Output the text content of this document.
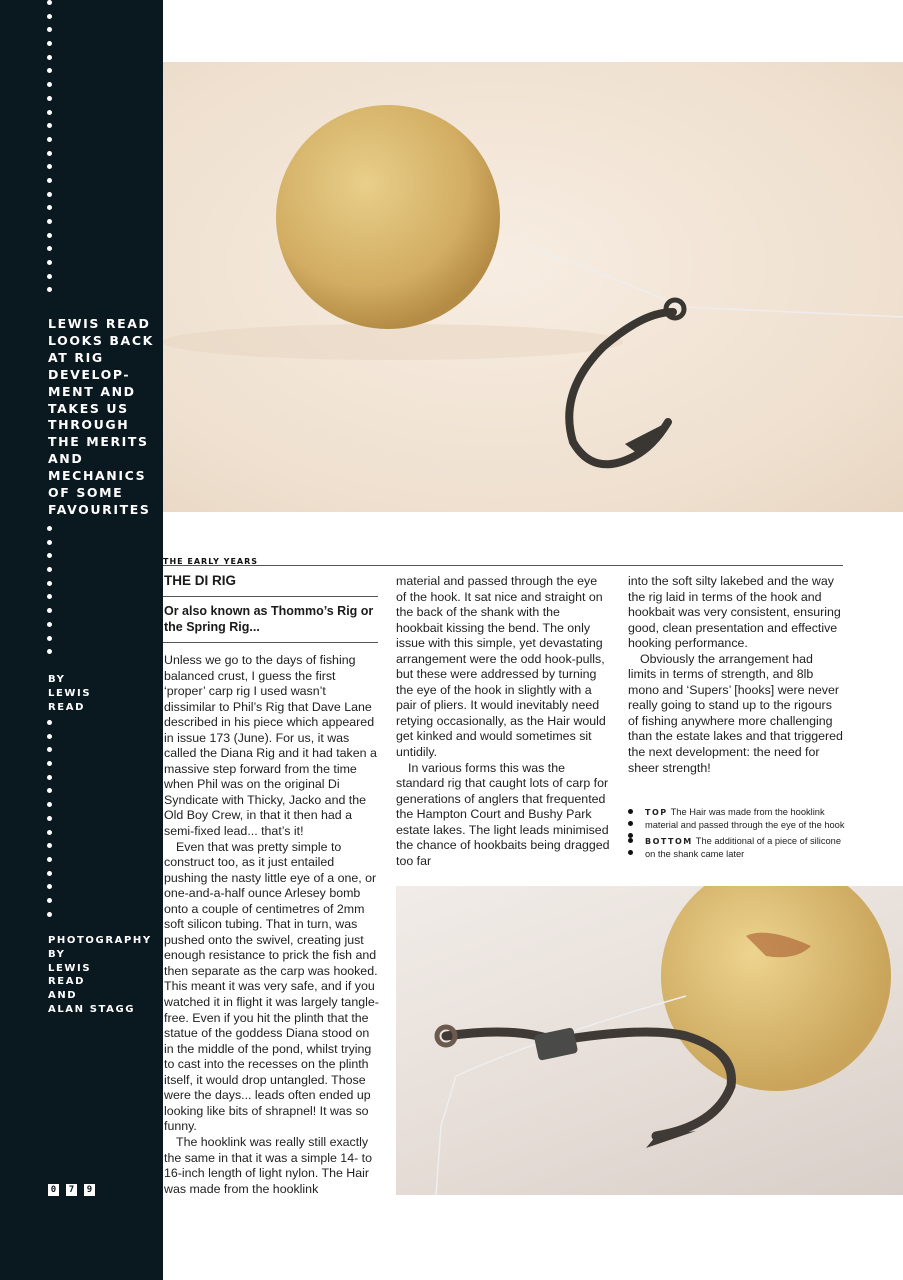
LEWIS READ LOOKS BACK AT RIG DEVELOP-MENT AND TAKES US THROUGH THE MERITS AND MECHANICS OF SOME FAVOURITES
BY
LEWIS
READ
PHOTOGRAPHY
BY
LEWIS
READ
AND
ALAN STAGG
0	7	9
THE EARLY YEARS
THE DI RIG
Or also known as Thommo’s Rig or the Spring Rig...

Unless we go to the days of fishing balanced crust, I guess the first ‘proper’ carp rig I used wasn’t dissimilar to Phil’s Rig that Dave Lane described in his piece which appeared in issue 173 (June). For us, it was called the Diana Rig and it had taken a massive step forward from the time when Phil was on the original Di Syndicate with Thicky, Jacko and the Old Boy Crew, in that it then had a semi-fixed lead... that’s it!

Even that was pretty simple to construct too, as it just entailed pushing the nasty little eye of a one, or one-and-a-half ounce Arlesey bomb onto a couple of centimetres of 2mm soft silicon tubing. That in turn, was pushed onto the swivel, creating just enough resistance to prick the fish and then separate as the carp was hooked. This meant it was very safe, and if you watched it in flight it was largely tangle-free. Even if you hit the plinth that the statue of the goddess Diana stood on in the middle of the pond, whilst trying to cast into the recesses on the plinth itself, it would drop untangled. Those were the days... leads often ended up looking like bits of shrapnel! It was so funny.

The hooklink was really still exactly the same in that it was a simple 14- to 16-inch length of light nylon. The Hair was made from the hooklink

material and passed through the eye of the hook. It sat nice and straight on the back of the shank with the hookbait kissing the bend. The only issue with this simple, yet devastating arrangement were the odd hook-pulls, but these were addressed by turning the eye of the hook in slightly with a pair of pliers. It would inevitably need retying occasionally, as the Hair would get kinked and would sometimes sit untidily.

In various forms this was the standard rig that caught lots of carp for generations of anglers that frequented the Hampton Court and Bushy Park estate lakes. The light leads minimised the chance of hookbaits being dragged too far

into the soft silty lakebed and the way the rig laid in terms of the hook and hookbait was very consistent, ensuring good, clean presentation and effective hooking performance.

Obviously the arrangement had limits in terms of strength, and 8lb mono and ‘Supers’ [hooks] were never really going to stand up to the rigours of fishing anywhere more challenging than the estate lakes and that triggered the next development: the need for sheer strength!

TOP The Hair was made from the hooklink material and passed through the eye of the hook
BOTTOM The additional of a piece of silicone on the shank came later
